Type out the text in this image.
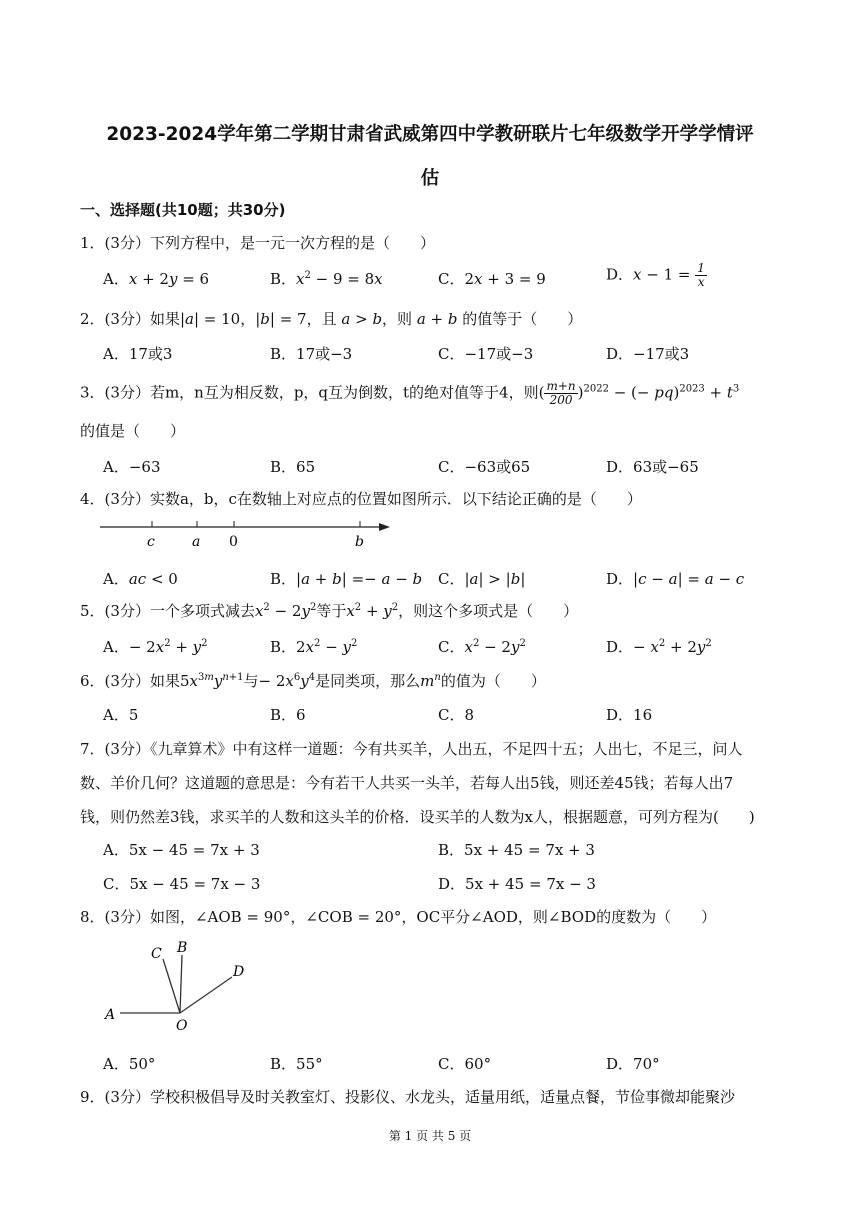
2023-2024学年第二学期甘肃省武威第四中学教研联片七年级数学开学学情评
估
一、选择题(共10题；共30分)
1．(3分）下列方程中，是一元一次方程的是（　　）
A．x + 2y = 6	B．$x^2 - 9 = 8x$	C．2x + 3 = 9	D．$x - 1 = \frac{1}{x}$
2．(3分）如果|a| = 10，|b| = 7，且 a > b，则 a + b 的值等于（　　）
A．17或3	B．17或−3	C．−17或−3	D．−17或3
3．(3分）若m，n互为相反数，p，q互为倒数，t的绝对值等于4，则( $\frac{m+n}{200} )^{2022}$ − (− $pq)^{2023} + t^3$
的值是（　　）
A．−63	B．65	C．−63或65	D．63或−65
4．(3分）实数a，b，c在数轴上对应点的位置如图所示．以下结论正确的是（　　）
c	a 0	b
A．ac < 0	B．|a + b| =− a − b C．|a| > |b|	D．|c − a| = a − c
5．(3分）一个多项式减去$x^2 - 2y^2$等于$x^2 + y^2$，则这个多项式是（　　）
A．− $2x^2 + y^2$	B．$2x^2 - y^2$	C．$x^2 - 2y^2$	D．− $x^2 + 2y^2$
6．(3分）如果$5x^{3m}y^{n+1}$与− $2x^6y^4$是同类项，那么$m^n$的值为（　　）
A．5	B．6	C．8	D．16
7．(3分）《九章算术》中有这样一道题：今有共买羊，人出五，不足四十五；人出七，不足三，问人
数、羊价几何？这道题的意思是：今有若干人共买一头羊，若每人出5钱，则还差45钱；若每人出7
钱，则仍然差3钱，求买羊的人数和这头羊的价格．设买羊的人数为x人，根据题意，可列方程为(　　)
A．5x − 45 = 7x + 3	B．5x + 45 = 7x + 3
C．5x − 45 = 7x − 3	D．5x + 45 = 7x − 3
8．(3分）如图，∠AOB = 90°，∠COB = 20°，OC平分∠AOD，则∠BOD的度数为（　　）
A
O
B
C
D
A．50°	B．55°	C．60°	D．70°
9．(3分）学校积极倡导及时关教室灯、投影仪、水龙头，适量用纸，适量点餐，节俭事微却能聚沙
第 1 页 共 5 页
